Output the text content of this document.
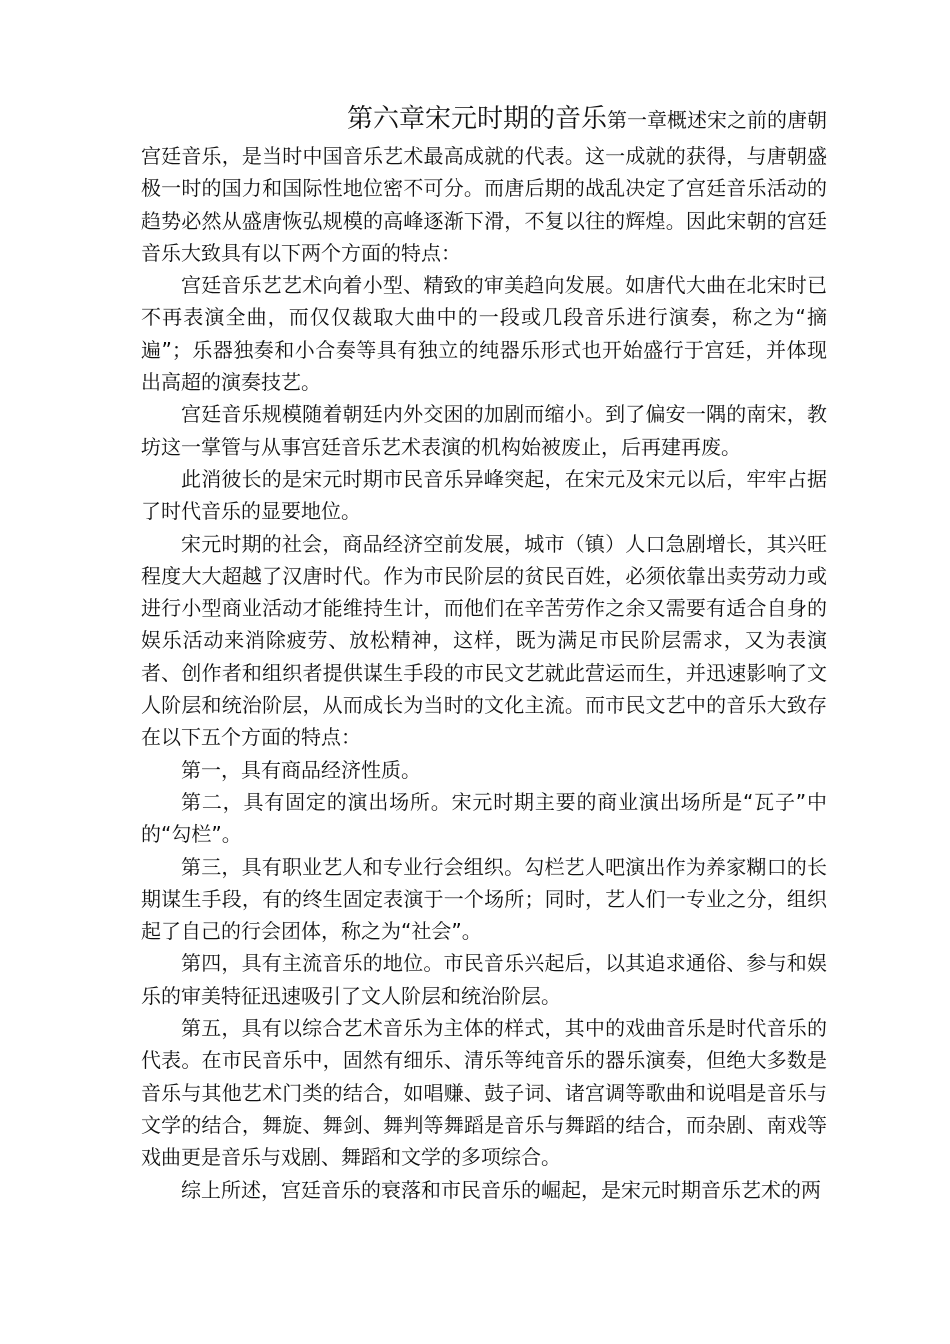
第六章宋元时期的音乐第一章概述宋之前的唐朝

宫廷音乐，是当时中国音乐艺术最高成就的代表。这一成就的获得，与唐朝盛极一时的国力和国际性地位密不可分。而唐后期的战乱决定了宫廷音乐活动的趋势必然从盛唐恢弘规模的高峰逐渐下滑，不复以往的辉煌。因此宋朝的宫廷音乐大致具有以下两个方面的特点：

宫廷音乐艺艺术向着小型、精致的审美趋向发展。如唐代大曲在北宋时已不再表演全曲，而仅仅裁取大曲中的一段或几段音乐进行演奏，称之为“摘遍”；乐器独奏和小合奏等具有独立的纯器乐形式也开始盛行于宫廷，并体现出高超的演奏技艺。

宫廷音乐规模随着朝廷内外交困的加剧而缩小。到了偏安一隅的南宋，教坊这一掌管与从事宫廷音乐艺术表演的机构始被废止，后再建再废。

此消彼长的是宋元时期市民音乐异峰突起，在宋元及宋元以后，牢牢占据了时代音乐的显要地位。

宋元时期的社会，商品经济空前发展，城市（镇）人口急剧增长，其兴旺程度大大超越了汉唐时代。作为市民阶层的贫民百姓，必须依靠出卖劳动力或进行小型商业活动才能维持生计，而他们在辛苦劳作之余又需要有适合自身的娱乐活动来消除疲劳、放松精神，这样，既为满足市民阶层需求，又为表演者、创作者和组织者提供谋生手段的市民文艺就此营运而生，并迅速影响了文人阶层和统治阶层，从而成长为当时的文化主流。而市民文艺中的音乐大致存在以下五个方面的特点：

第一，具有商品经济性质。

第二，具有固定的演出场所。宋元时期主要的商业演出场所是“瓦子”中的“勾栏”。

第三，具有职业艺人和专业行会组织。勾栏艺人吧演出作为养家糊口的长期谋生手段，有的终生固定表演于一个场所；同时，艺人们一专业之分，组织起了自己的行会团体，称之为“社会”。

第四，具有主流音乐的地位。市民音乐兴起后，以其追求通俗、参与和娱乐的审美特征迅速吸引了文人阶层和统治阶层。

第五，具有以综合艺术音乐为主体的样式，其中的戏曲音乐是时代音乐的代表。在市民音乐中，固然有细乐、清乐等纯音乐的器乐演奏，但绝大多数是音乐与其他艺术门类的结合，如唱赚、鼓子词、诸宫调等歌曲和说唱是音乐与文学的结合，舞旋、舞剑、舞判等舞蹈是音乐与舞蹈的结合，而杂剧、南戏等戏曲更是音乐与戏剧、舞蹈和文学的多项综合。

综上所述，宫廷音乐的衰落和市民音乐的崛起，是宋元时期音乐艺术的两
